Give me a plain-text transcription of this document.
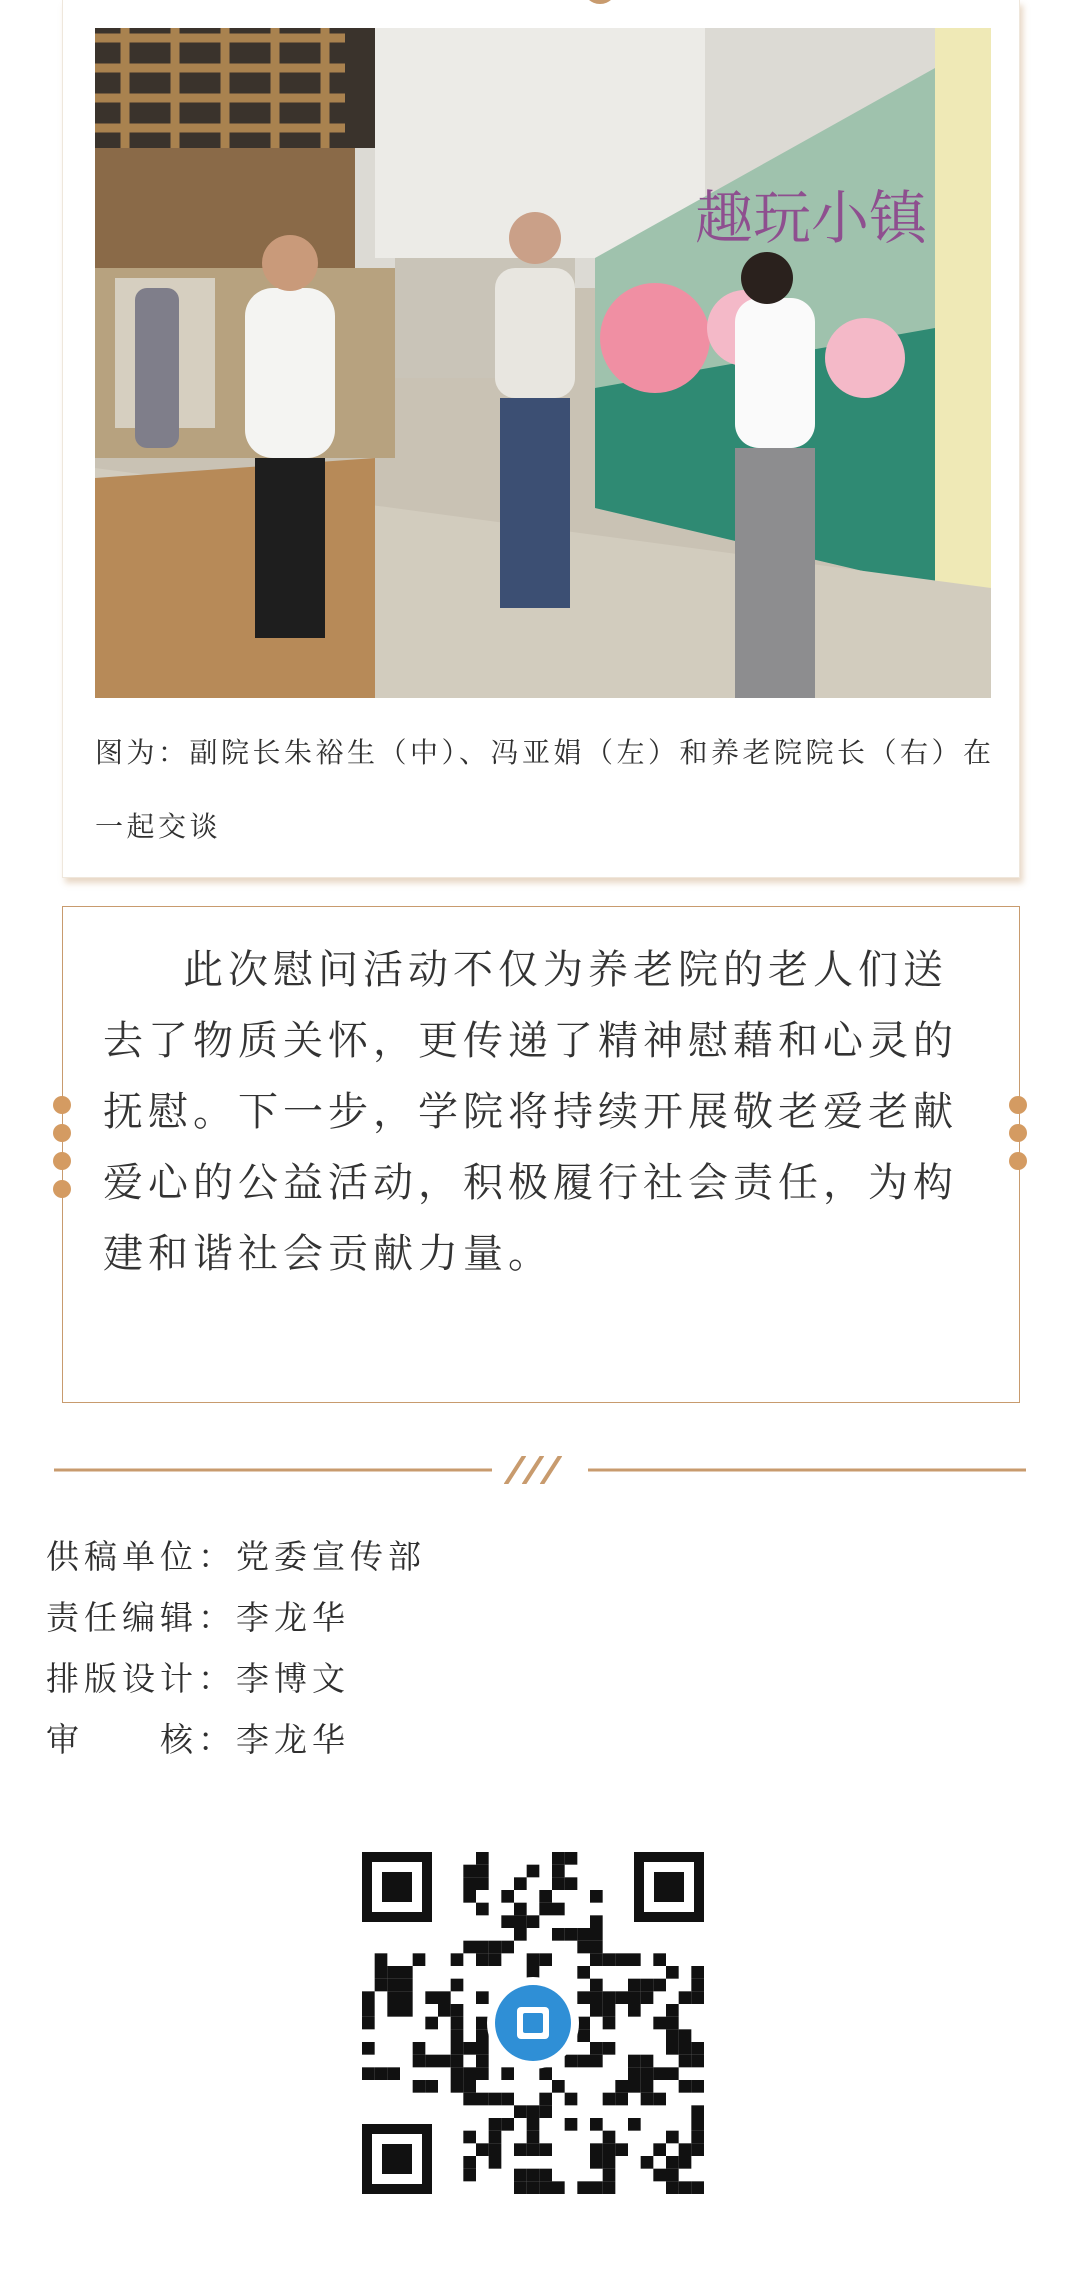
趣玩小镇

图为：副院长朱裕生（中）、冯亚娟（左）和养老院院长（右）在一起交谈

此次慰问活动不仅为养老院的老人们送去了物质关怀，更传递了精神慰藉和心灵的抚慰。下一步，学院将持续开展敬老爱老献爱心的公益活动，积极履行社会责任，为构建和谐社会贡献力量。

供稿单位：党委宣传部
责任编辑：李龙华
排版设计：李博文
审　　核：李龙华
